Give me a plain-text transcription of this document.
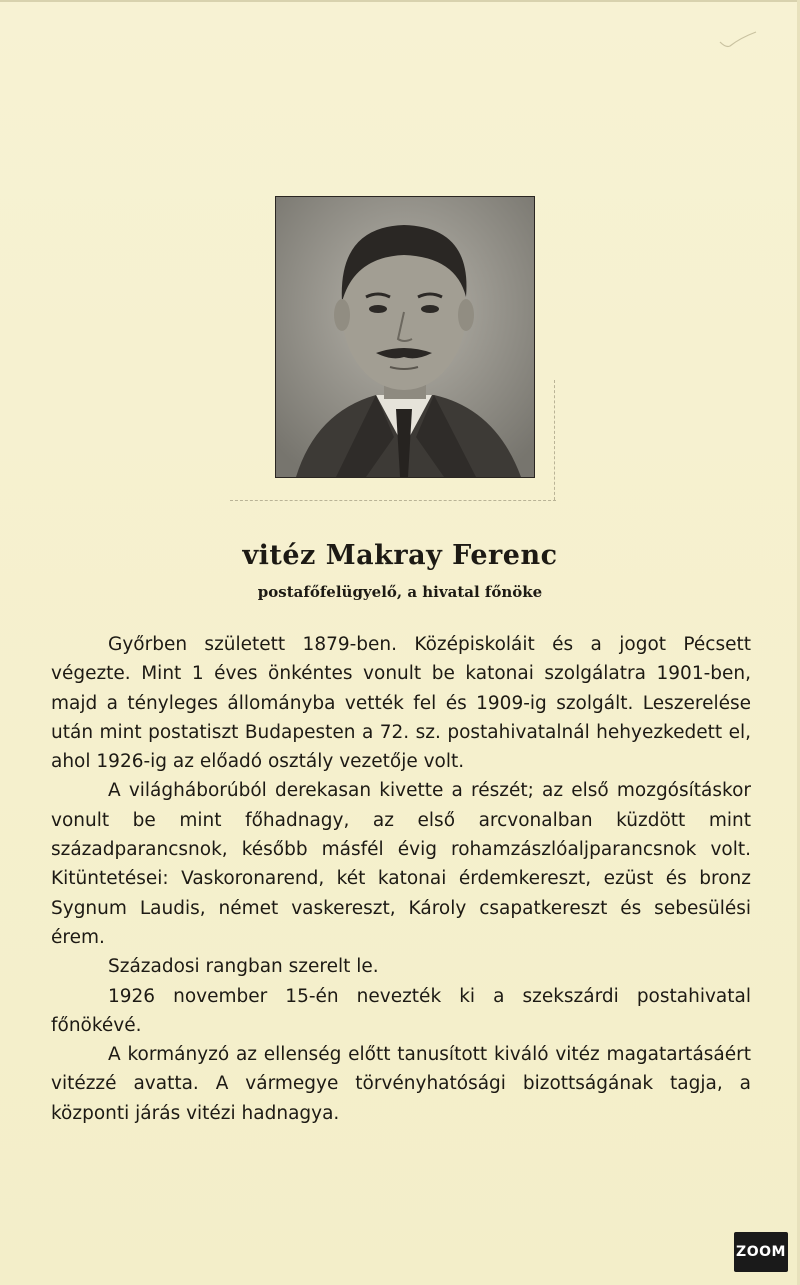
vitéz Makray Ferenc
postafőfelügyelő, a hivatal főnöke

Győrben született 1879-ben. Középiskoláit és a jogot Pécsett végezte. Mint 1 éves önkéntes vonult be katonai szolgálatra 1901-ben, majd a tényleges állományba vették fel és 1909-ig szolgált. Leszerelése után mint postatiszt Budapesten a 72. sz. postahivatalnál hehyezkedett el, ahol 1926-ig az előadó osztály vezetője volt.

A világháborúból derekasan kivette a részét; az első mozgósításkor vonult be mint főhadnagy, az első arcvonalban küzdött mint századparancsnok, később másfél évig rohamzászlóaljparancsnok volt. Kitüntetései: Vaskoronarend, két katonai érdemkereszt, ezüst és bronz Sygnum Laudis, német vaskereszt, Károly csapatkereszt és sebesülési érem.

Századosi rangban szerelt le.

1926 november 15-én nevezték ki a szekszárdi postahivatal főnökévé.

A kormányzó az ellenség előtt tanusított kiváló vitéz magatartásáért vitézzé avatta. A vármegye törvényhatósági bizottságának tagja, a központi járás vitézi hadnagya.

ZOOM
